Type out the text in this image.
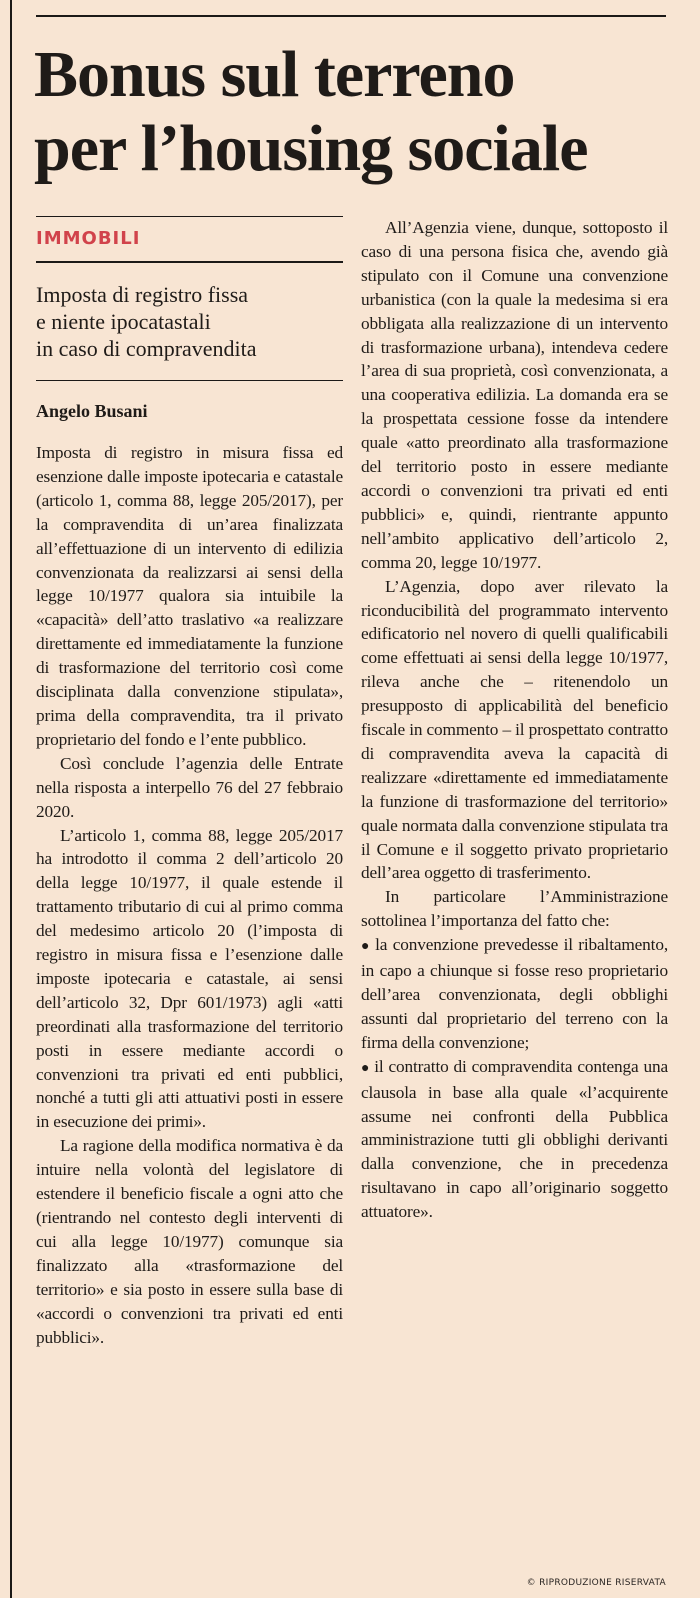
Bonus sul terreno
per l’housing sociale
IMMOBILI
Imposta di registro fissa
e niente ipocatastali
in caso di compravendita
Angelo Busani

Imposta di registro in misura fissa ed esenzione dalle imposte ipotecaria e catastale (articolo 1, comma 88, legge 205/2017), per la compravendita di un’area finalizzata all’effettuazione di un intervento di edilizia convenzionata da realizzarsi ai sensi della legge 10/1977 qualora sia intuibile la «capacità» dell’atto traslativo «a realizzare direttamente ed immediatamente la funzione di trasformazione del territorio così come disciplinata dalla convenzione stipulata», prima della compravendita, tra il privato proprietario del fondo e l’ente pubblico.

Così conclude l’agenzia delle Entrate nella risposta a interpello 76 del 27 febbraio 2020.

L’articolo 1, comma 88, legge 205/2017 ha introdotto il comma 2 dell’articolo 20 della legge 10/1977, il quale estende il trattamento tributario di cui al primo comma del medesimo articolo 20 (l’imposta di registro in misura fissa e l’esenzione dalle imposte ipotecaria e catastale, ai sensi dell’articolo 32, Dpr 601/1973) agli «atti preordinati alla trasformazione del territorio posti in essere mediante accordi o convenzioni tra privati ed enti pubblici, nonché a tutti gli atti attuativi posti in essere in esecuzione dei primi».

La ragione della modifica normativa è da intuire nella volontà del legislatore di estendere il beneficio fiscale a ogni atto che (rientrando nel contesto degli interventi di cui alla legge 10/1977) comunque sia finalizzato alla «trasformazione del territorio» e sia posto in essere sulla base di «accordi o convenzioni tra privati ed enti pubblici».

All’Agenzia viene, dunque, sottoposto il caso di una persona fisica che, avendo già stipulato con il Comune una convenzione urbanistica (con la quale la medesima si era obbligata alla realizzazione di un intervento di trasformazione urbana), intendeva cedere l’area di sua proprietà, così convenzionata, a una cooperativa edilizia. La domanda era se la prospettata cessione fosse da intendere quale «atto preordinato alla trasformazione del territorio posto in essere mediante accordi o convenzioni tra privati ed enti pubblici» e, quindi, rientrante appunto nell’ambito applicativo dell’articolo 2, comma 20, legge 10/1977.

L’Agenzia, dopo aver rilevato la riconducibilità del programmato intervento edificatorio nel novero di quelli qualificabili come effettuati ai sensi della legge 10/1977, rileva anche che – ritenendolo un presupposto di applicabilità del beneficio fiscale in commento – il prospettato contratto di compravendita aveva la capacità di realizzare «direttamente ed immediatamente la funzione di trasformazione del territorio» quale normata dalla convenzione stipulata tra il Comune e il soggetto privato proprietario dell’area oggetto di trasferimento.

In particolare l’Amministrazione sottolinea l’importanza del fatto che:

● la convenzione prevedesse il ribaltamento, in capo a chiunque si fosse reso proprietario dell’area convenzionata, degli obblighi assunti dal proprietario del terreno con la firma della convenzione;

● il contratto di compravendita contenga una clausola in base alla quale «l’acquirente assume nei confronti della Pubblica amministrazione tutti gli obblighi derivanti dalla convenzione, che in precedenza risultavano in capo all’originario soggetto attuatore».

© RIPRODUZIONE RISERVATA
